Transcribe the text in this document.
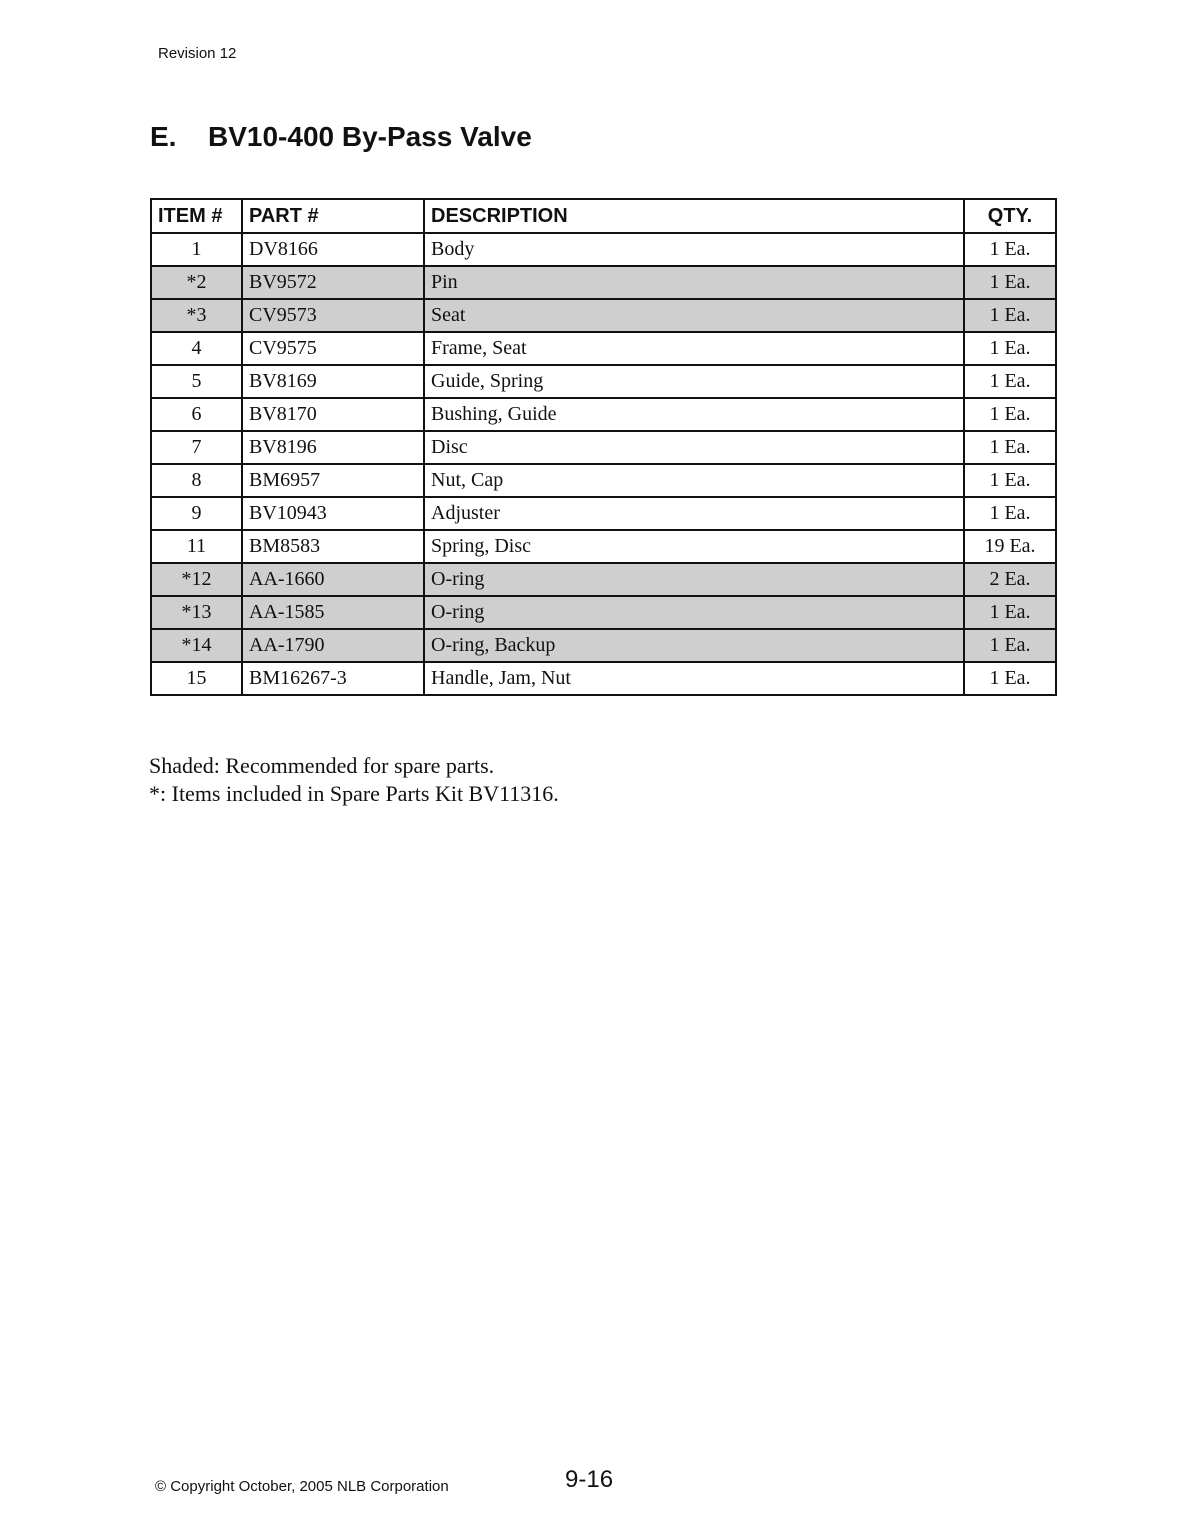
Revision 12
E. BV10-400 By-Pass Valve
ITEM #	PART #	DESCRIPTION	QTY.
1	DV8166	Body	1 Ea.
*2	BV9572	Pin	1 Ea.
*3	CV9573	Seat	1 Ea.
4	CV9575	Frame, Seat	1 Ea.
5	BV8169	Guide, Spring	1 Ea.
6	BV8170	Bushing, Guide	1 Ea.
7	BV8196	Disc	1 Ea.
8	BM6957	Nut, Cap	1 Ea.
9	BV10943	Adjuster	1 Ea.
11	BM8583	Spring, Disc	19 Ea.
*12	AA-1660	O-ring	2 Ea.
*13	AA-1585	O-ring	1 Ea.
*14	AA-1790	O-ring, Backup	1 Ea.
15	BM16267-3	Handle, Jam, Nut	1 Ea.
Shaded: Recommended for spare parts.
*: Items included in Spare Parts Kit BV11316.
© Copyright October, 2005 NLB Corporation	9-16
